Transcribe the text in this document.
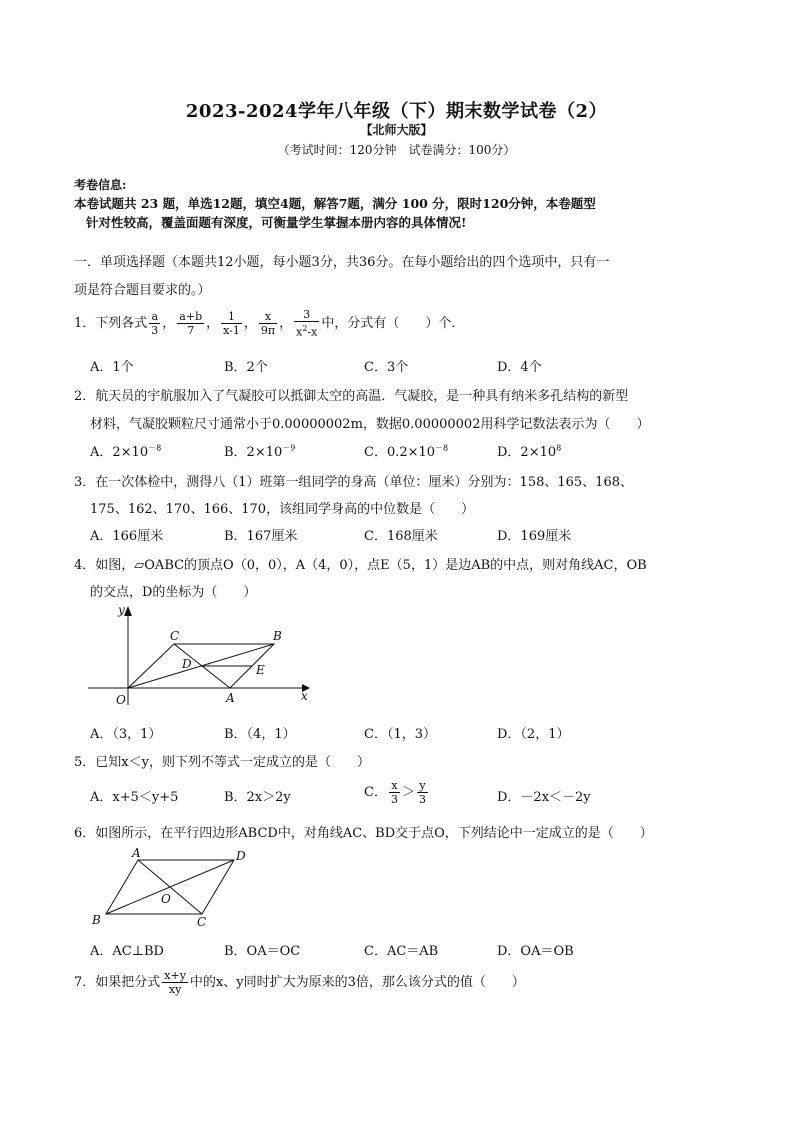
2023-2024学年八年级（下）期末数学试卷（2）
【北师大版】
（考试时间：120分钟　试卷满分：100分）
考卷信息:
本卷试题共 23 题，单选12题，填空4题，解答7题，满分 100 分，限时120分钟，本卷题型
针对性较高，覆盖面题有深度，可衡量学生掌握本册内容的具体情况!
一．单项选择题（本题共12小题，每小题3分，共36分。在每小题给出的四个选项中，只有一
项是符合题目要求的。）
1．下列各式 $\frac{a}{3}$ ， $\frac{a+b}{7}$ ， $\frac{1}{x-1}$ ， $\frac{x}{9\pi}$ ， $\frac{3}{x^2-x}$ 中，分式有（　　）个．
A．1个	B．2个	C．3个	D．4个
2．航天员的宇航服加入了气凝胶可以抵御太空的高温．气凝胶，是一种具有纳米多孔结构的新型
材料，气凝胶颗粒尺寸通常小于0.00000002m，数据0.00000002用科学记数法表示为（　　）
A．$2\times 10^{-8}$	B．$2\times 10^{-9}$	C．$0.2\times 10^{-8}$	D．$2\times 10^8$
3．在一次体检中，测得八（1）班第一组同学的身高（单位：厘米）分别为：158、165、168、
175、162、170、166、170，该组同学身高的中位数是（　　）
A．166厘米	B．167厘米	C．168厘米	D．169厘米
4．如图，▱OABC的顶点O（0，0），A（4，0），点E（5，1）是边AB的中点，则对角线AC，OB
的交点，D的坐标为（　　）
y
x
O	A
B
C
D	E
A．（3，1）	B．（4，1）	C．（1，3）	D．（2，1）
5．已知x＜y，则下列不等式一定成立的是（　　）
A．x+5＜y+5	B．2x＞2y	C． $\frac{x}{3} > \frac{y}{3}$	D．－2x＜－2y
6．如图所示，在平行四边形ABCD中，对角线AC、BD交于点O，下列结论中一定成立的是（　　）
A	D
B	C
O
A．AC⊥BD	B．OA＝OC	C．AC＝AB	D．OA＝OB
7．如果把分式 $\frac{x+y}{xy}$ 中的x、y同时扩大为原来的3倍，那么该分式的值（　　）
